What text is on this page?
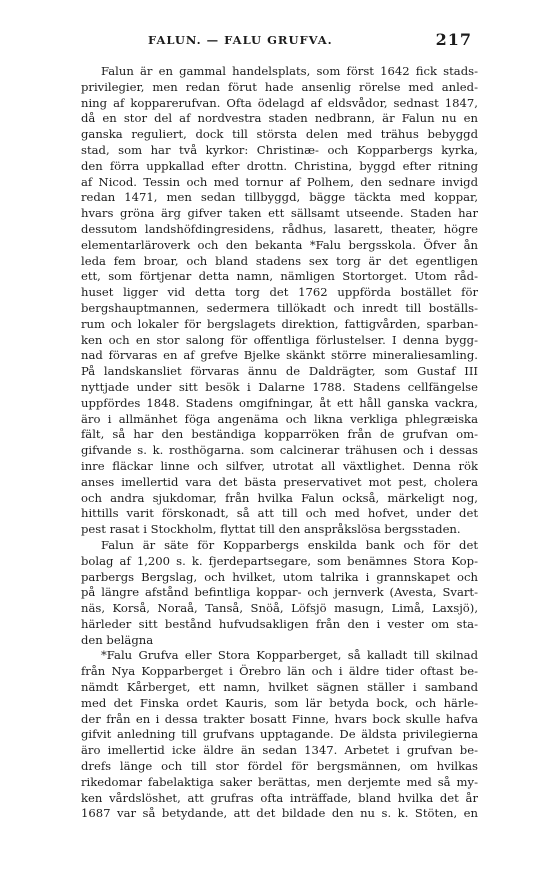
FALUN. — FALU GRUFVA.	217
Falun är en gammal handelsplats, som först 1642 fick stads-
privilegier, men redan förut hade ansenlig rörelse med anled-
ning af kopparerufvan. Ofta ödelagd af eldsvådor, sednast 1847,
då en stor del af nordvestra staden nedbrann, är Falun nu en
ganska reguliert, dock till största delen med trähus bebyggd
stad, som har två kyrkor: Christinæ- och Kopparbergs kyrka,
den förra uppkallad efter drottn. Christina, byggd efter ritning
af Nicod. Tessin och med tornur af Polhem, den sednare invigd
redan 1471, men sedan tillbyggd, bägge täckta med koppar,
hvars gröna ärg gifver taken ett sällsamt utseende. Staden har
dessutom landshöfdingresidens, rådhus, lasarett, theater, högre
elementarläroverk och den bekanta *Falu bergsskola. Öfver ån
leda fem broar, och bland stadens sex torg är det egentligen
ett, som förtjenar detta namn, nämligen Stortorget. Utom råd-
huset ligger vid detta torg det 1762 uppförda bostället för
bergshauptmannen, sedermera tillökadt och inredt till boställs-
rum och lokaler för bergslagets direktion, fattigvården, sparban-
ken och en stor salong för offentliga förlustelser. I denna bygg-
nad förvaras en af grefve Bjelke skänkt större mineraliesamling.
På landskansliet förvaras ännu de Daldrägter, som Gustaf III
nyttjade under sitt besök i Dalarne 1788. Stadens cellfängelse
uppfördes 1848. Stadens omgifningar, åt ett håll ganska vackra,
äro i allmänhet föga angenäma och likna verkliga phlegræiska
fält, så har den beständiga kopparröken från de grufvan om-
gifvande s. k. rosthögarna. som calcinerar trähusen och i dessas
inre fläckar linne och silfver, utrotat all växtlighet. Denna rök
anses imellertid vara det bästa preservativet mot pest, cholera
och andra sjukdomar, från hvilka Falun också, märkeligt nog,
hittills varit förskonadt, så att till och med hofvet, under det
pest rasat i Stockholm, flyttat till den anspråkslösa bergsstaden.
Falun är säte för Kopparbergs enskilda bank och för det
bolag af 1,200 s. k. fjerdepartsegare, som benämnes Stora Kop-
parbergs Bergslag, och hvilket, utom talrika i grannskapet och
på längre afstånd befintliga koppar- och jernverk (Avesta, Svart-
näs, Korså, Noraå, Tanså, Snöå, Löfsjö masugn, Limå, Laxsjö),
härleder sitt bestånd hufvudsakligen från den i vester om sta-
den belägna
*Falu Grufva eller Stora Kopparberget, så kalladt till skilnad
från Nya Kopparberget i Örebro län och i äldre tider oftast be-
nämdt Kårberget, ett namn, hvilket sägnen ställer i samband
med det Finska ordet Kauris, som lär betyda bock, och härle-
der från en i dessa trakter bosatt Finne, hvars bock skulle hafva
gifvit anledning till grufvans upptagande. De äldsta privilegierna
äro imellertid icke äldre än sedan 1347. Arbetet i grufvan be-
drefs länge och till stor fördel för bergsmännen, om hvilkas
rikedomar fabelaktiga saker berättas, men derjemte med så my-
ken vårdslöshet, att grufras ofta inträffade, bland hvilka det år
1687 var så betydande, att det bildade den nu s. k. Stöten, en
